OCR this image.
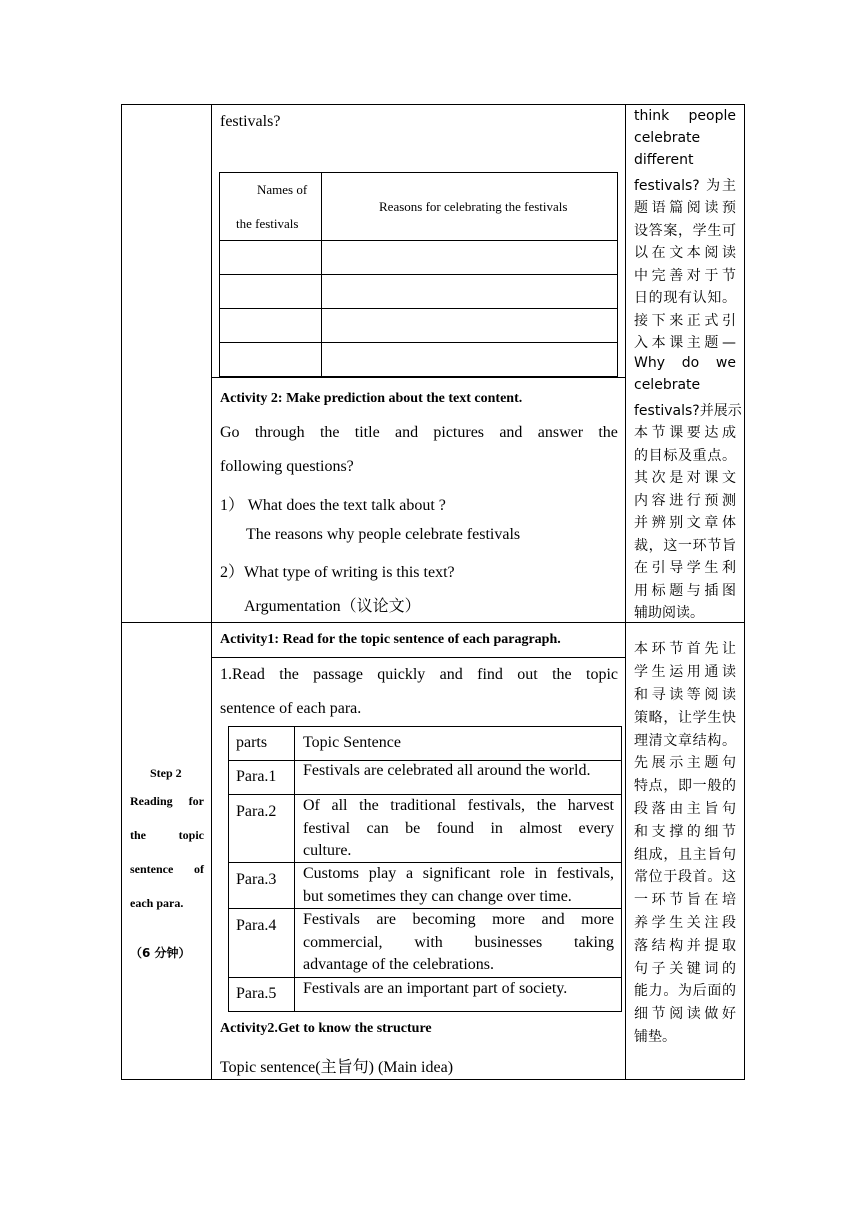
festivals?
Names of
the festivals
Reasons for celebrating the festivals
Activity 2: Make prediction about the text content.
Go through the title and pictures and answer the
following questions?
1） What does the text talk about ?
The reasons why people celebrate festivals
2）What type of writing is this text?
Argumentation（议论文）
think people
celebrate
different
festivals? 为主
题语篇阅读预
设答案，学生可
以在文本阅读
中完善对于节
日的现有认知。
接下来正式引
入本课主题—
Why do we
celebrate
festivals?并展示
本节课要达成
的目标及重点。
其次是对课文
内容进行预测
并辨别文章体
裁，这一环节旨
在引导学生利
用标题与插图
辅助阅读。
Step 2
Reading for
the topic
sentence of
each para.
（6 分钟）
Activity1: Read for the topic sentence of each paragraph.
1.Read the passage quickly and find out the topic
sentence of each para.
parts Topic Sentence
Para.1 Festivals are celebrated all around the world.
Para.2 Of all the traditional festivals, the harvest
festival can be found in almost every
culture.
Para.3 Customs play a significant role in festivals,
but sometimes they can change over time.
Para.4 Festivals are becoming more and more
commercial, with businesses taking
advantage of the celebrations.
Para.5 Festivals are an important part of society.
Activity2.Get to know the structure
Topic sentence(主旨句) (Main idea)
本环节首先让
学生运用通读
和寻读等阅读
策略，让学生快
理清文章结构。
先展示主题句
特点，即一般的
段落由主旨句
和支撑的细节
组成，且主旨句
常位于段首。这
一环节旨在培
养学生关注段
落结构并提取
句子关键词的
能力。为后面的
细节阅读做好
铺垫。
